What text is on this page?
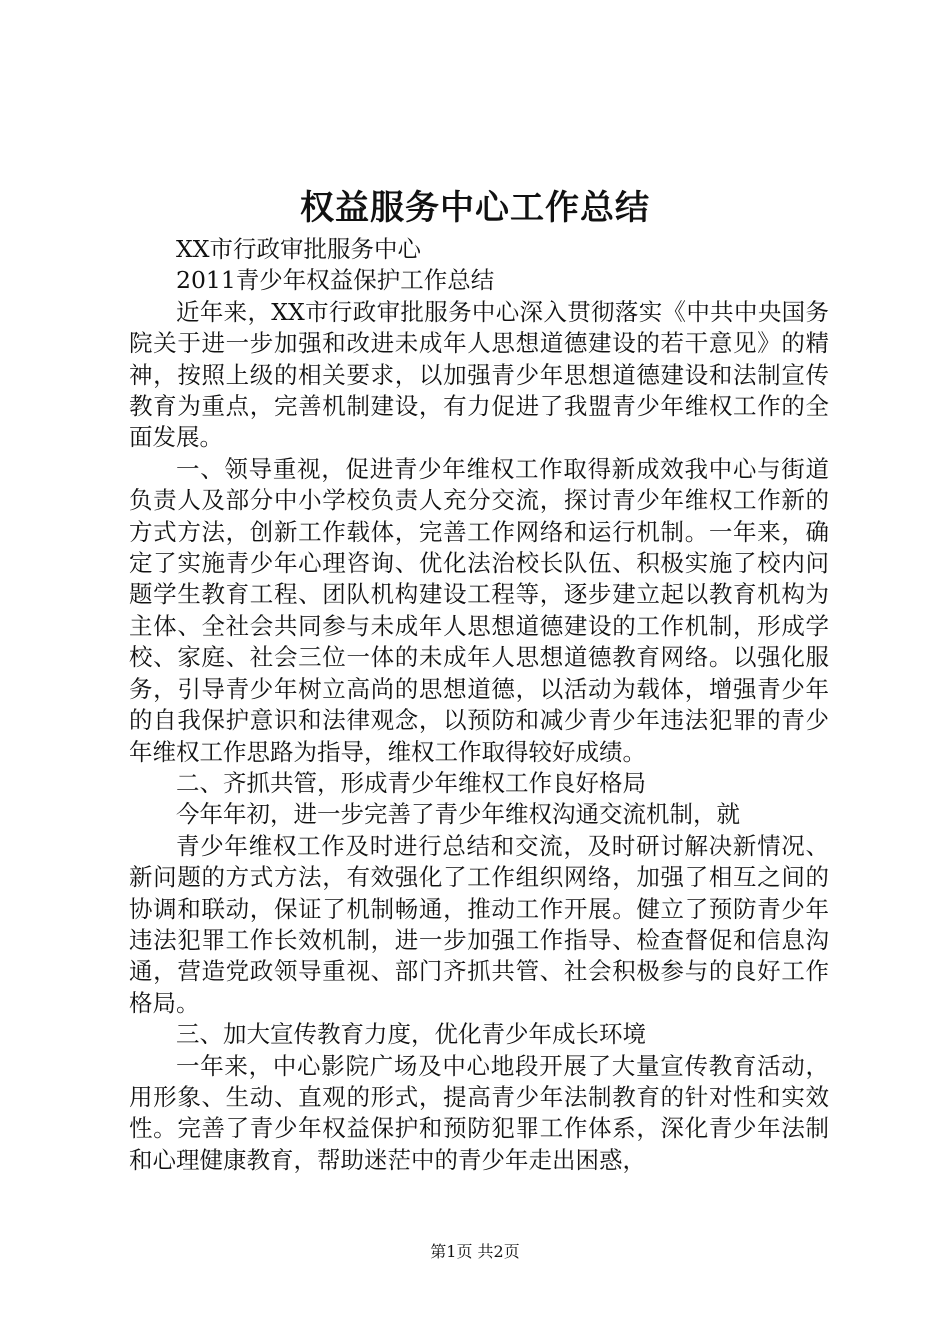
权益服务中心工作总结

XX市行政审批服务中心

2011青少年权益保护工作总结

近年来，XX市行政审批服务中心深入贯彻落实《中共中央国务院关于进一步加强和改进未成年人思想道德建设的若干意见》的精神，按照上级的相关要求，以加强青少年思想道德建设和法制宣传教育为重点，完善机制建设，有力促进了我盟青少年维权工作的全面发展。

一、领导重视，促进青少年维权工作取得新成效我中心与街道负责人及部分中小学校负责人充分交流，探讨青少年维权工作新的方式方法，创新工作载体，完善工作网络和运行机制。一年来，确定了实施青少年心理咨询、优化法治校长队伍、积极实施了校内问题学生教育工程、团队机构建设工程等，逐步建立起以教育机构为主体、全社会共同参与未成年人思想道德建设的工作机制，形成学校、家庭、社会三位一体的未成年人思想道德教育网络。以强化服务，引导青少年树立高尚的思想道德，以活动为载体，增强青少年的自我保护意识和法律观念，以预防和减少青少年违法犯罪的青少年维权工作思路为指导，维权工作取得较好成绩。

二、齐抓共管，形成青少年维权工作良好格局

今年年初，进一步完善了青少年维权沟通交流机制，就

青少年维权工作及时进行总结和交流，及时研讨解决新情况、新问题的方式方法，有效强化了工作组织网络，加强了相互之间的协调和联动，保证了机制畅通，推动工作开展。健立了预防青少年违法犯罪工作长效机制，进一步加强工作指导、检查督促和信息沟通，营造党政领导重视、部门齐抓共管、社会积极参与的良好工作格局。

三、加大宣传教育力度，优化青少年成长环境

一年来，中心影院广场及中心地段开展了大量宣传教育活动，用形象、生动、直观的形式，提高青少年法制教育的针对性和实效性。完善了青少年权益保护和预防犯罪工作体系，深化青少年法制和心理健康教育，帮助迷茫中的青少年走出困惑，

第1页 共2页
